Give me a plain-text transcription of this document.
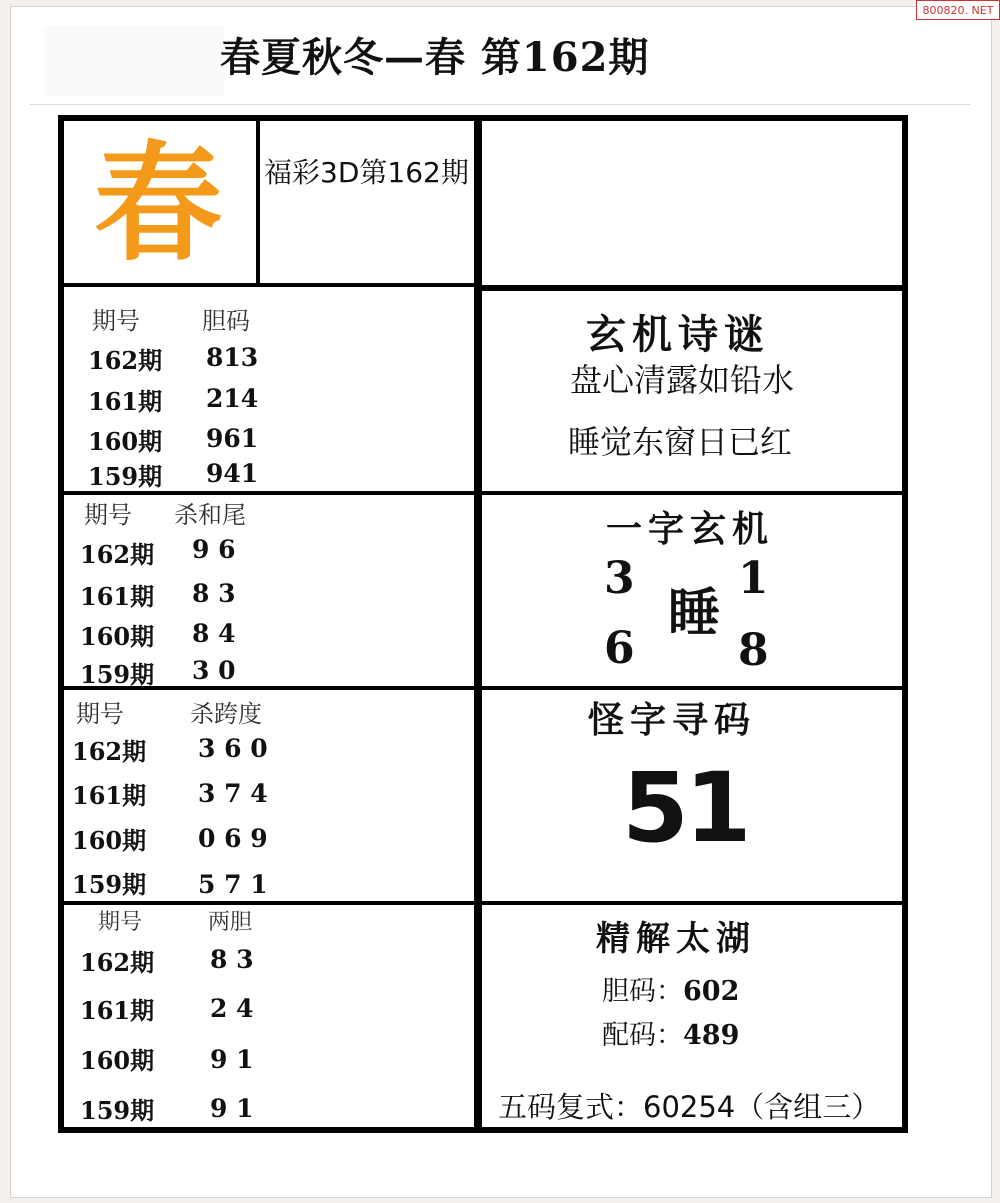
800820. NET
春夏秋冬—春 第162期
春 福彩3D第162期
期号	胆码
162期 813
161期 214
160期 961
159期 941
期号 杀和尾
162期 9 6
161期 8 3
160期 8 4
159期 3 0
期号	杀跨度
162期 3 6 0
161期 3 7 4
160期 0 6 9
159期 5 7 1
期号	两胆
162期 8 3
161期 2 4
160期 9 1
159期 9 1
玄机诗谜
盘心清露如铅水
睡觉东窗日已红
一字玄机
3
睡
1
6 8
怪字寻码
51
精解太湖
胆码：602
配码：489
五码复式：60254（含组三）
